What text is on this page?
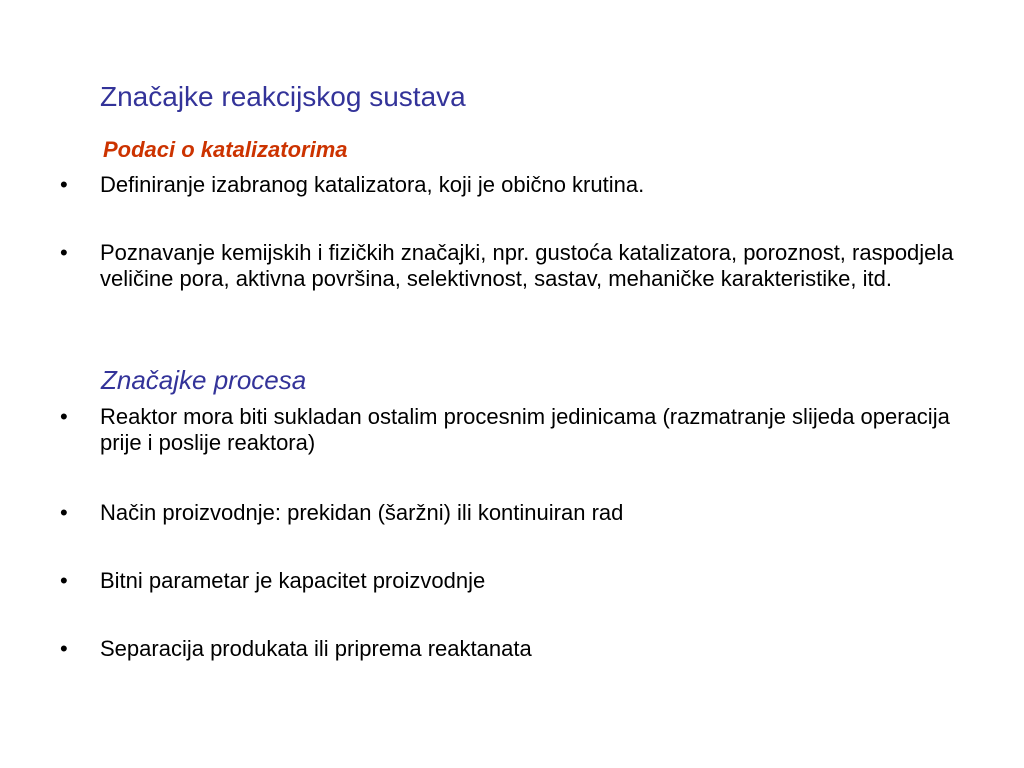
Značajke reakcijskog sustava
Podaci o katalizatorima
• Definiranje izabranog katalizatora, koji je obično krutina.
• Poznavanje kemijskih i fizičkih značajki, npr. gustoća katalizatora, poroznost, raspodjela veličine pora, aktivna površina, selektivnost, sastav, mehaničke karakteristike, itd.
Značajke procesa
• Reaktor mora biti sukladan ostalim procesnim jedinicama (razmatranje slijeda operacija prije i poslije reaktora)
• Način proizvodnje: prekidan (šaržni) ili kontinuiran rad
• Bitni parametar je kapacitet proizvodnje
• Separacija produkata ili priprema reaktanata
